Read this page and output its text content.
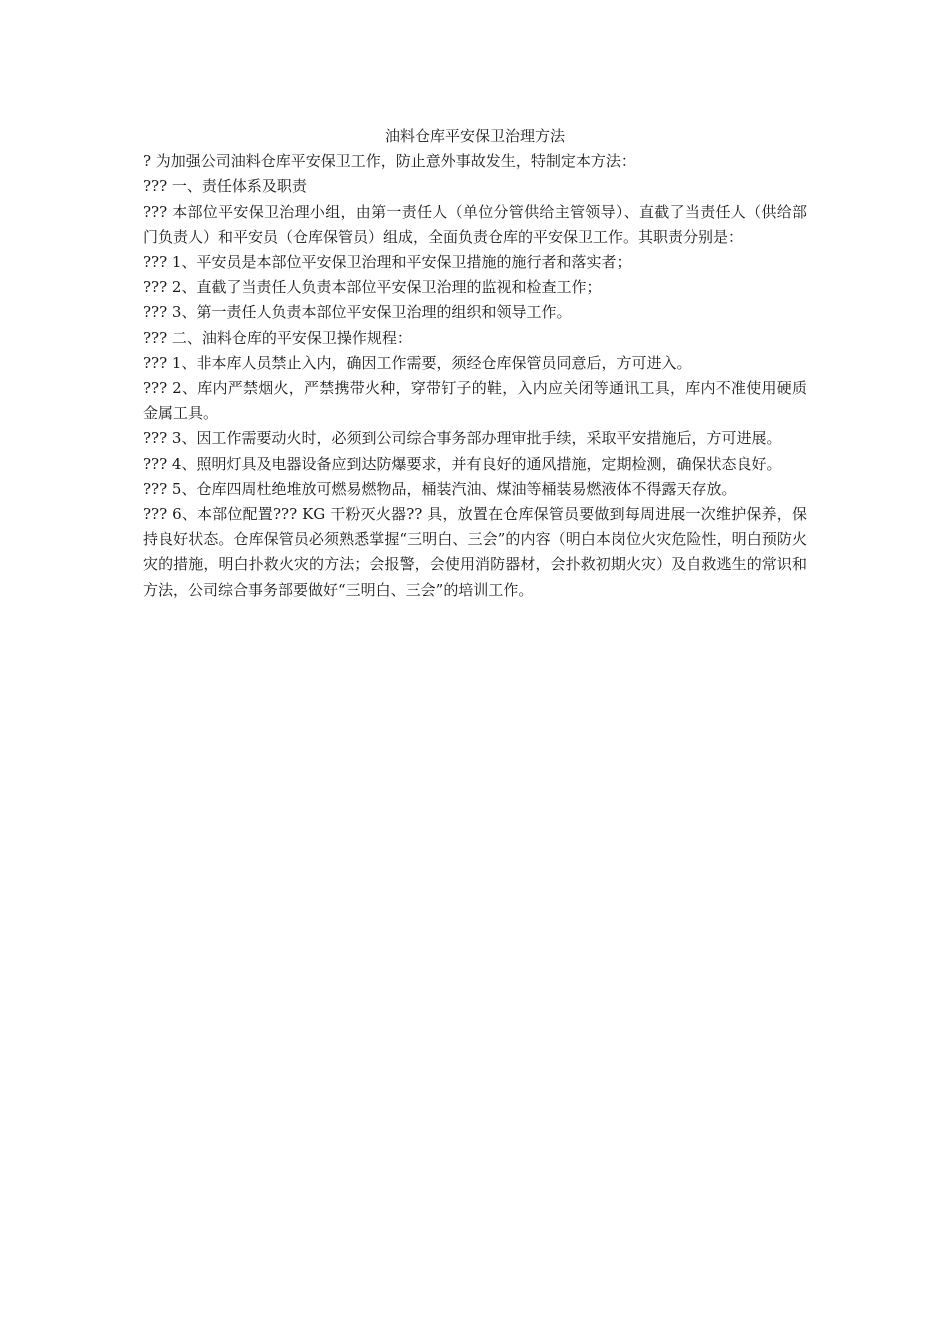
油料仓库平安保卫治理方法

? 为加强公司油料仓库平安保卫工作，防止意外事故发生，特制定本方法：

??? 一、责任体系及职责

??? 本部位平安保卫治理小组，由第一责任人（单位分管供给主管领导）、直截了当责任人（供给部门负责人）和平安员（仓库保管员）组成，全面负责仓库的平安保卫工作。其职责分别是：

??? 1、平安员是本部位平安保卫治理和平安保卫措施的施行者和落实者；

??? 2、直截了当责任人负责本部位平安保卫治理的监视和检查工作；

??? 3、第一责任人负责本部位平安保卫治理的组织和领导工作。

??? 二、油料仓库的平安保卫操作规程：

??? 1、非本库人员禁止入内，确因工作需要，须经仓库保管员同意后，方可进入。

??? 2、库内严禁烟火，严禁携带火种，穿带钉子的鞋，入内应关闭等通讯工具，库内不准使用硬质金属工具。

??? 3、因工作需要动火时，必须到公司综合事务部办理审批手续，采取平安措施后，方可进展。

??? 4、照明灯具及电器设备应到达防爆要求，并有良好的通风措施，定期检测，确保状态良好。

??? 5、仓库四周杜绝堆放可燃易燃物品，桶装汽油、煤油等桶装易燃液体不得露天存放。

??? 6、本部位配置??? KG 干粉灭火器?? 具，放置在仓库保管员要做到每周进展一次维护保养，保持良好状态。仓库保管员必须熟悉掌握“三明白、三会”的内容（明白本岗位火灾危险性，明白预防火灾的措施，明白扑救火灾的方法；会报警，会使用消防器材，会扑救初期火灾）及自救逃生的常识和方法，公司综合事务部要做好“三明白、三会”的培训工作。
